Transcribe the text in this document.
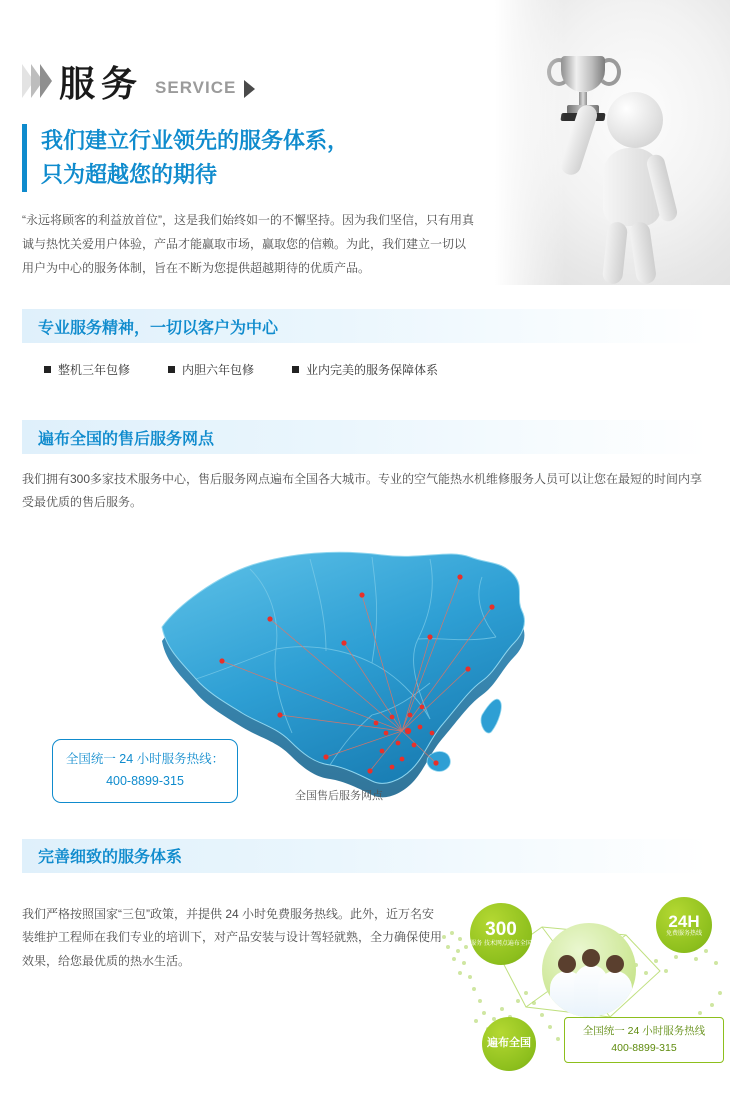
服务 SERVICE
我们建立行业领先的服务体系，
只为超越您的期待

“永远将顾客的利益放首位”，这是我们始终如一的不懈坚持。因为我们坚信，只有用真诚与热忱关爱用户体验，产品才能赢取市场，赢取您的信赖。为此，我们建立一切以用户为中心的服务体制，旨在不断为您提供超越期待的优质产品。

专业服务精神，一切以客户为中心
整机三年包修	内胆六年包修	业内完美的服务保障体系
遍布全国的售后服务网点

我们拥有300多家技术服务中心，售后服务网点遍布全国各大城市。专业的空气能热水机维修服务人员可以让您在最短的时间内享受最优质的售后服务。

全国统一 24 小时服务热线：
400-8899-315
全国售后服务网点
完善细致的服务体系

我们严格按照国家“三包”政策，并提供 24 小时免费服务热线。此外，近万名安装维护工程师在我们专业的培训下，对产品安装与设计驾轻就熟，全力确保使用效果，给您最优质的热水生活。

300
服务 技术网点遍布全国
24H
免费服务热线
遍布全国
全国统一 24 小时服务热线
400-8899-315
